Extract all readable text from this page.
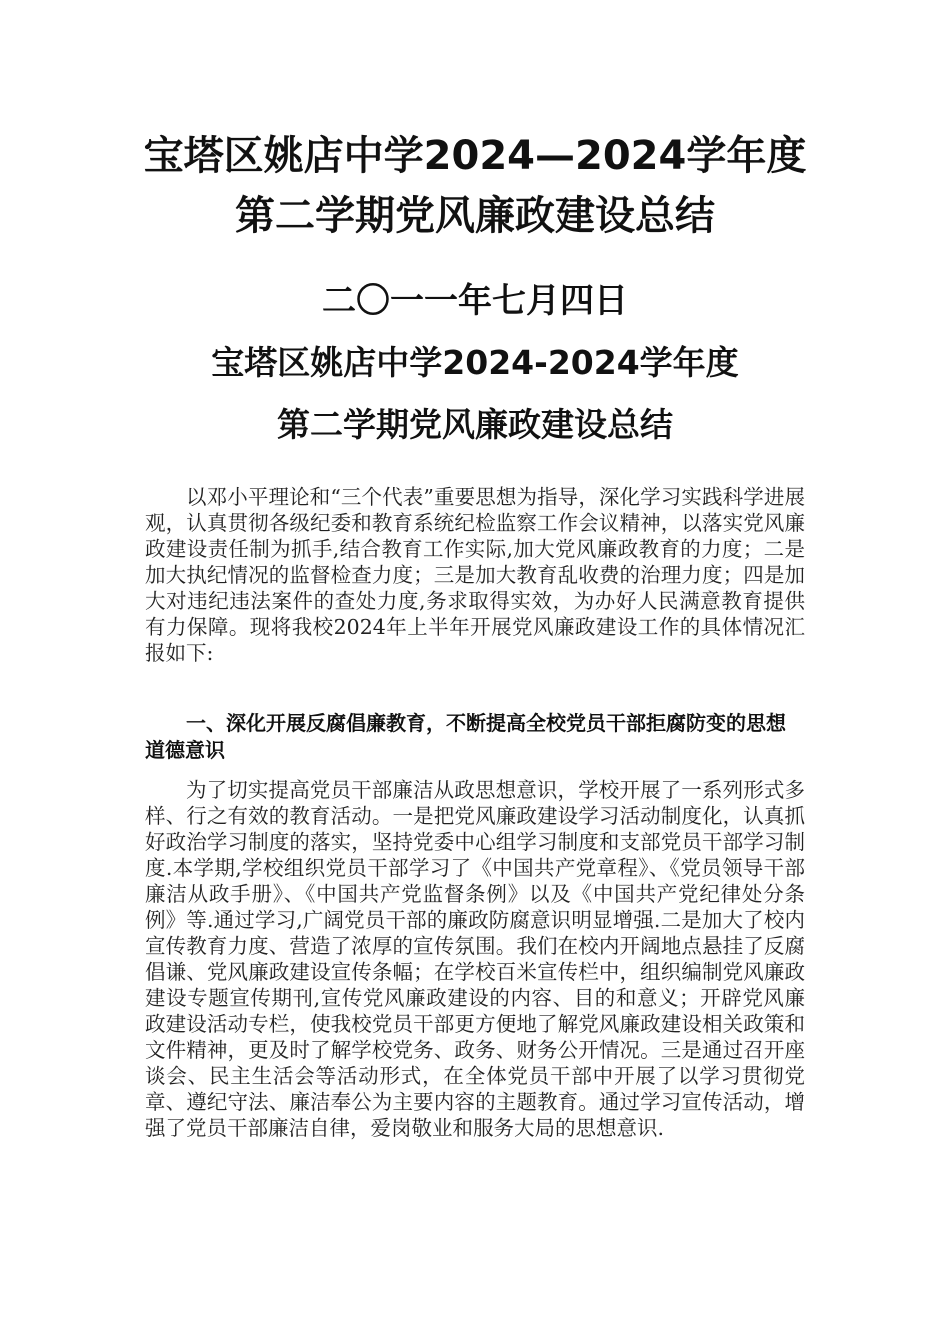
宝塔区姚店中学2024—2024学年度
第二学期党风廉政建设总结
二〇一一年七月四日
宝塔区姚店中学2024-2024学年度
第二学期党风廉政建设总结

以邓小平理论和“三个代表”重要思想为指导，深化学习实践科学进展观，认真贯彻各级纪委和教育系统纪检监察工作会议精神，以落实党风廉政建设责任制为抓手,结合教育工作实际,加大党风廉政教育的力度；二是加大执纪情况的监督检查力度；三是加大教育乱收费的治理力度；四是加大对违纪违法案件的查处力度,务求取得实效，为办好人民满意教育提供有力保障。现将我校2024年上半年开展党风廉政建设工作的具体情况汇报如下:

一、深化开展反腐倡廉教育，不断提高全校党员干部拒腐防变的思想道德意识

为了切实提高党员干部廉洁从政思想意识，学校开展了一系列形式多样、行之有效的教育活动。一是把党风廉政建设学习活动制度化，认真抓好政治学习制度的落实，坚持党委中心组学习制度和支部党员干部学习制度.本学期,学校组织党员干部学习了《中国共产党章程》、《党员领导干部廉洁从政手册》、《中国共产党监督条例》以及《中国共产党纪律处分条例》等.通过学习,广阔党员干部的廉政防腐意识明显增强.二是加大了校内宣传教育力度、营造了浓厚的宣传氛围。我们在校内开阔地点悬挂了反腐倡谦、党风廉政建设宣传条幅；在学校百米宣传栏中，组织编制党风廉政建设专题宣传期刊,宣传党风廉政建设的内容、目的和意义；开辟党风廉政建设活动专栏，使我校党员干部更方便地了解党风廉政建设相关政策和文件精神，更及时了解学校党务、政务、财务公开情况。三是通过召开座谈会、民主生活会等活动形式，在全体党员干部中开展了以学习贯彻党章、遵纪守法、廉洁奉公为主要内容的主题教育。通过学习宣传活动，增强了党员干部廉洁自律，爱岗敬业和服务大局的思想意识.
